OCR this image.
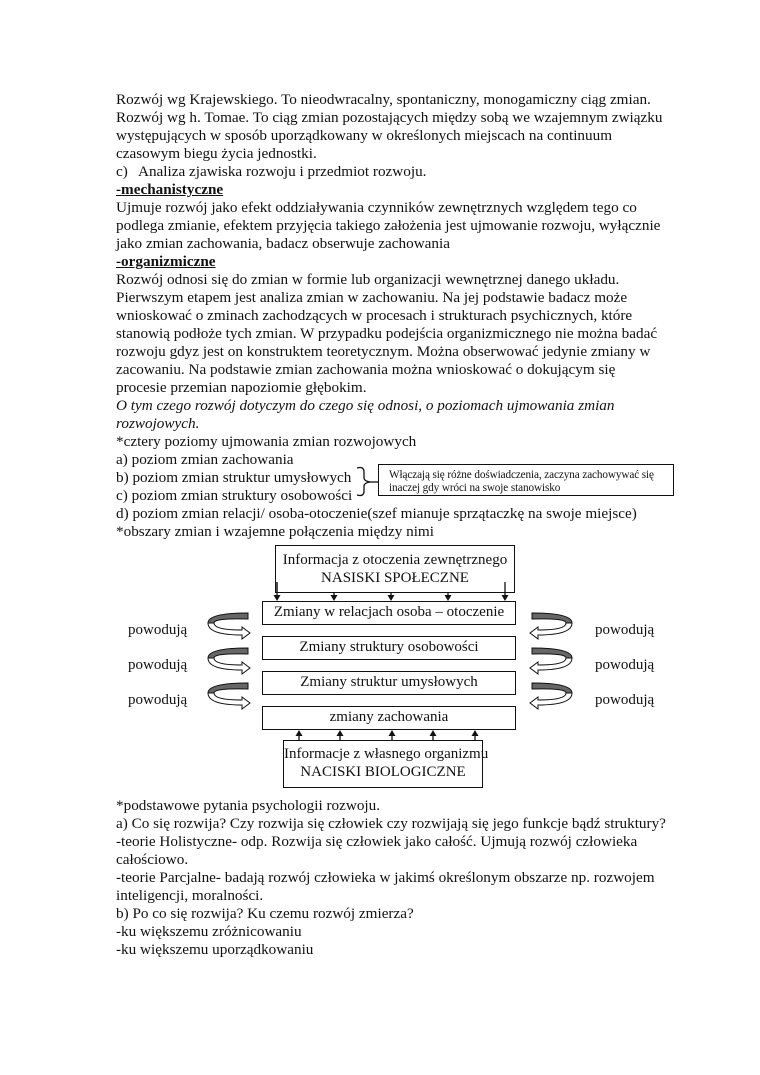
Rozwój wg Krajewskiego. To nieodwracalny, spontaniczny, monogamiczny ciąg zmian.
Rozwój wg h. Tomae. To ciąg zmian pozostających między sobą we wzajemnym związku
występujących w sposób uporządkowany w określonych miejscach na continuum
czasowym biegu życia jednostki.
c) Analiza zjawiska rozwoju i przedmiot rozwoju.
-mechanistyczne
Ujmuje rozwój jako efekt oddziaływania czynników zewnętrznych względem tego co
podlega zmianie, efektem przyjęcia takiego założenia jest ujmowanie rozwoju, wyłącznie
jako zmian zachowania, badacz obserwuje zachowania
-organizmiczne
Rozwój odnosi się do zmian w formie lub organizacji wewnętrznej danego układu.
Pierwszym etapem jest analiza zmian w zachowaniu. Na jej podstawie badacz może
wnioskować o zminach zachodzących w procesach i strukturach psychicznych, które
stanowią podłoże tych zmian. W przypadku podejścia organizmicznego nie można badać
rozwoju gdyz jest on konstruktem teoretycznym. Można obserwować jedynie zmiany w
zacowaniu. Na podstawie zmian zachowania można wnioskować o dokującym się
procesie przemian napoziomie głębokim.
O tym czego rozwój dotyczym do czego się odnosi, o poziomach ujmowania zmian
rozwojowych.
*cztery poziomy ujmowania zmian rozwojowych
a) poziom zmian zachowania
b) poziom zmian struktur umysłowych
c) poziom zmian struktury osobowości
d) poziom zmian relacji/ osoba-otoczenie(szef mianuje sprzątaczkę na swoje miejsce)
*obszary zmian i wzajemne połączenia między nimi
Włączają się różne doświadczenia, zaczyna zachowywać się
inaczej gdy wróci na swoje stanowisko
Informacja z otoczenia zewnętrznego
NASISKI SPOŁECZNE
Zmiany w relacjach osoba – otoczenie
Zmiany struktury osobowości
Zmiany struktur umysłowych
zmiany zachowania
Informacje z własnego organizmu
NACISKI BIOLOGICZNE
powodują
powodują
powodują
powodują
powodują
powodują
*podstawowe pytania psychologii rozwoju.
a) Co się rozwija? Czy rozwija się człowiek czy rozwijają się jego funkcje bądź struktury?
-teorie Holistyczne- odp. Rozwija się człowiek jako całość. Ujmują rozwój człowieka
całościowo.
-teorie Parcjalne- badają rozwój człowieka w jakimś określonym obszarze np. rozwojem
inteligencji, moralności.
b) Po co się rozwija? Ku czemu rozwój zmierza?
-ku większemu zróżnicowaniu
-ku większemu uporządkowaniu
